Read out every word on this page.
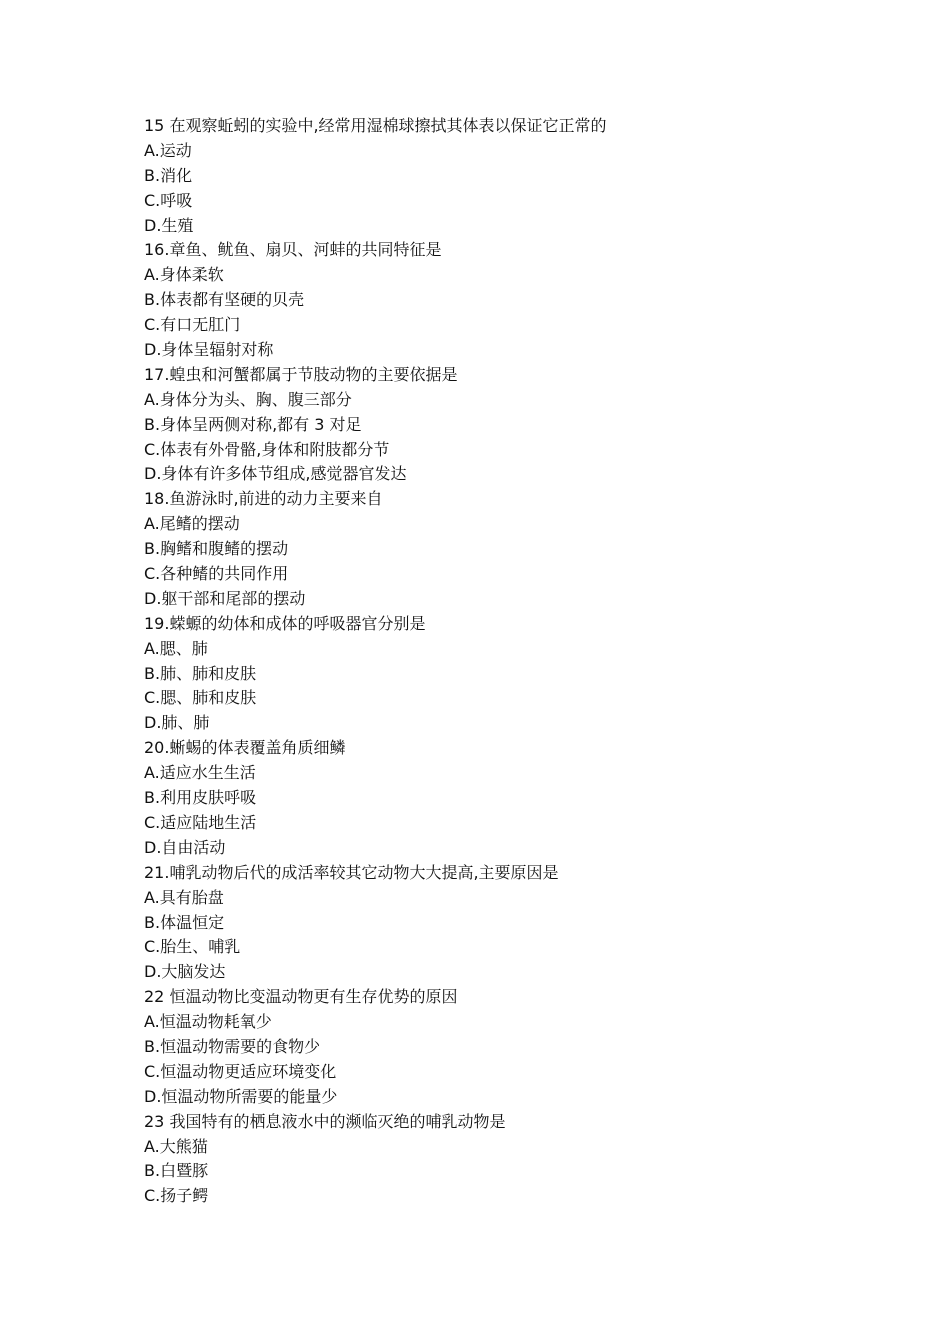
15 在观察蚯蚓的实验中,经常用湿棉球擦拭其体表以保证它正常的
A.运动
B.消化
C.呼吸
D.生殖
16.章鱼、鱿鱼、扇贝、河蚌的共同特征是
A.身体柔软
B.体表都有坚硬的贝壳
C.有口无肛门
D.身体呈辐射对称
17.蝗虫和河蟹都属于节肢动物的主要依据是
A.身体分为头、胸、腹三部分
B.身体呈两侧对称,都有 3 对足
C.体表有外骨骼,身体和附肢都分节
D.身体有许多体节组成,感觉器官发达
18.鱼游泳时,前进的动力主要来自
A.尾鳍的摆动
B.胸鳍和腹鳍的摆动
C.各种鳍的共同作用
D.躯干部和尾部的摆动
19.蝾螈的幼体和成体的呼吸器官分别是
A.腮、肺
B.肺、肺和皮肤
C.腮、肺和皮肤
D.肺、肺
20.蜥蜴的体表覆盖角质细鳞
A.适应水生生活
B.利用皮肤呼吸
C.适应陆地生活
D.自由活动
21.哺乳动物后代的成活率较其它动物大大提高,主要原因是
A.具有胎盘
B.体温恒定
C.胎生、哺乳
D.大脑发达
22 恒温动物比变温动物更有生存优势的原因
A.恒温动物耗氧少
B.恒温动物需要的食物少
C.恒温动物更适应环境变化
D.恒温动物所需要的能量少
23 我国特有的栖息液水中的濒临灭绝的哺乳动物是
A.大熊猫
B.白暨豚
C.扬子鳄
